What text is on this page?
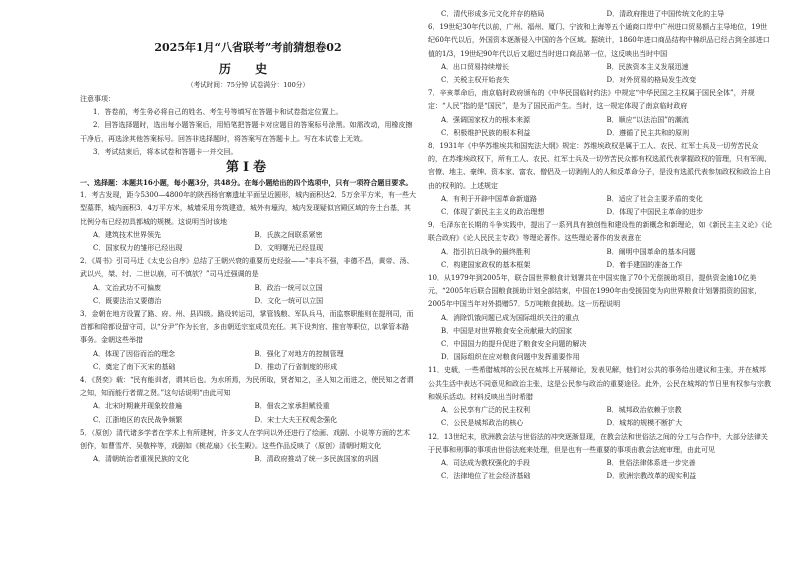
2025年1月“八省联考”考前猜想卷02
历 史
（考试时间：75分钟 试卷满分：100分）
注意事项：
1．答卷前，考生务必将自己的姓名、考生号等填写在答题卡和试卷指定位置上。
2．回答选择题时，选出每小题答案后，用铅笔把答题卡对应题目的答案标号涂黑。如需改动，用橡皮擦干净后，再选涂其他答案标号。回答非选择题时，将答案写在答题卡上。写在本试卷上无效。
3．考试结束后，将本试卷和答题卡一并交回。
第Ⅰ卷
一、选择题：本题共16小题，每小题3分，共48分。在每小题给出的四个选项中，只有一项符合题目要求。
1．考古发现，距今5300—4800年的陕西杨官寨遗址平面呈近圆形，城内面积达2．5万余平方米，有一些大型墓葬，城内面积3．4万平方米，城墙采用夯筑建造，城外有壕沟，城内发现疑似宫殿区域的夯土台基，其比例分布已经初具都城的规模。这说明当时该地
A．建筑技术世界领先	B．氏族之间联系紧密
C．国家权力的雏形已经出现	D．文明曙光已经显现
2．《周书》引司马迁《太史公自序》总结了王朝兴衰的重要历史经验——“非兵不强，非德不昌，黄帝、汤、武以兴，桀、纣、二世以崩，可不慎欤？”司马迁强调的是
A．文治武功不可偏废	B．政治一统可以立国
C．既要法治又要德治	D．文化一统可以立国
3．金朝在地方设置了路、府、州、县四级。路设转运司，掌管钱粮、军队兵马，而监察职能则在提刑司，而首都和陪都设留守司，以“分尹”作为长官，多由朝廷宗室成员充任。其下设判官、推官等职位，以掌管本路事务。金朝这些举措
A．体现了因俗而治的理念	B．强化了对地方的控制管理
C．奠定了南下灭宋的基础	D．推动了行省制度的形成
4．《贤奕》载：“民有能训者，谓其后也。为水所焉，为民所取，贤者知之，圣人知之而进之，使民知之者谓之知，知而能行者谓之贤。”这句话说明“由此可知
A．北宋时期兼并现象较普遍	B．佃农之家承担赋役重
C．江浙地区的农民战争频繁	D．宋士大夫王权观念强化
5．（原创）清代诸多学者在学术上有所建树，许多文人在学问以外还进行了绘画、戏剧、小说等方面的艺术创作，如曹雪芹、吴敬梓等，戏剧如《桃花扇》《长生殿》。这些作品反映了（原创）清朝时期文化
A．清朝统治者重视民族的文化	B．清政府推动了统一多民族国家的巩固
C．清代形成多元文化并存的格局	D．清政府推进了中国传统文化的主导
6．19世纪30年代以前，广州、福州、厦门、宁波和上海等五个通商口岸中广州进口贸易额占主导地位，19世纪60年代以后，外国资本逐渐侵入中国的各个区域。据统计，1860年进口商品结构中棉织品已经占到全部进口值的1/3，19世纪90年代以后又超过当时进口商品第一位，这反映出当时中国
A．出口贸易持续增长	B．民族资本主义发展迅速
C．关税主权开始丧失	D．对外贸易的格局发生改变
7．辛亥革命后，南京临时政府颁布的《中华民国临时约法》中规定“中华民国之主权属于国民全体”，并规定：“人民”指的是“国民”，是为了国民而产生。当时，这一规定体现了南京临时政府
A．强调国家权力的根本来源	B．顺应“以法治国”的潮流
C．积极维护民族的根本利益	D．遵循了民主共和的原则
8．1931年《中华苏维埃共和国宪法大纲》规定：苏维埃政权是属于工人、农民、红军士兵及一切劳苦民众的，在苏维埃政权下，所有工人、农民、红军士兵及一切劳苦民众都有权选派代表掌握政权的管理，只有军阀、官僚、地主、豪绅、资本家、富农、僧侣及一切剥削人的人和反革命分子，是没有选派代表参加政权和政治上自由的权利的。上述规定
A．有利于开辟中国革命新道路	B．适应了社会主要矛盾的变化
C．体现了新民主主义的政治理想	D．体现了中国民主革命的进步
9．毛泽东在长期的斗争实践中，提出了一系列具有独创性和建设性的新概念和新理论，如《新民主主义论》《论联合政府》《论人民民主专政》等理论著作。这些理论著作的发表意在
A．指引抗日战争的最终胜利	B．阐明中国革命的基本问题
C．构建国家政权的基本框架	D．着手建国的准备工作
10．从1979年到2005年，联合国世界粮食计划署共在中国实施了70个无偿援助项目，提供资金逾10亿美元，“2005年后联合国粮食援助计划全部结束，中国在1990年由受援国变为向世界粮食计划署捐资的国家，2005年中国当年对外捐赠57．5万吨粮食援助。这一历程说明
A．消除饥饿问题已成为国际组织关注的重点
B．中国是对世界粮食安全贡献最大的国家
C．中国国力的提升促进了粮食安全问题的解决
D．国际组织在应对粮食问题中发挥重要作用
11．史载，一些希腊城邦的公民在城邦上开展辩论，发表见解，他们对公共的事务给出建议和主张，并在城邦公共生活中表达不同意见和政治主张，这是公民参与政治的重要途径。此外，公民在城邦的节日里有权参与宗教和娱乐活动。材料反映出当时希腊
A．公民享有广泛的民主权利	B．城邦政治依赖于宗教
C．公民是城邦政治的核心	D．城邦的规模不断扩大
12．13世纪末，欧洲教会法与世俗法的冲突逐渐显现，在教会法和世俗法之间的分工与合作中，大部分法律关于民事和刑事的事项由世俗法庭来处理，但是也有一些重要的事项由教会法庭审理，由此可见
A．司法成为教权强化的手段	B．世俗法律体系进一步完善
C．法律地位了社会经济基础	D．欧洲宗教改革的现实利益
